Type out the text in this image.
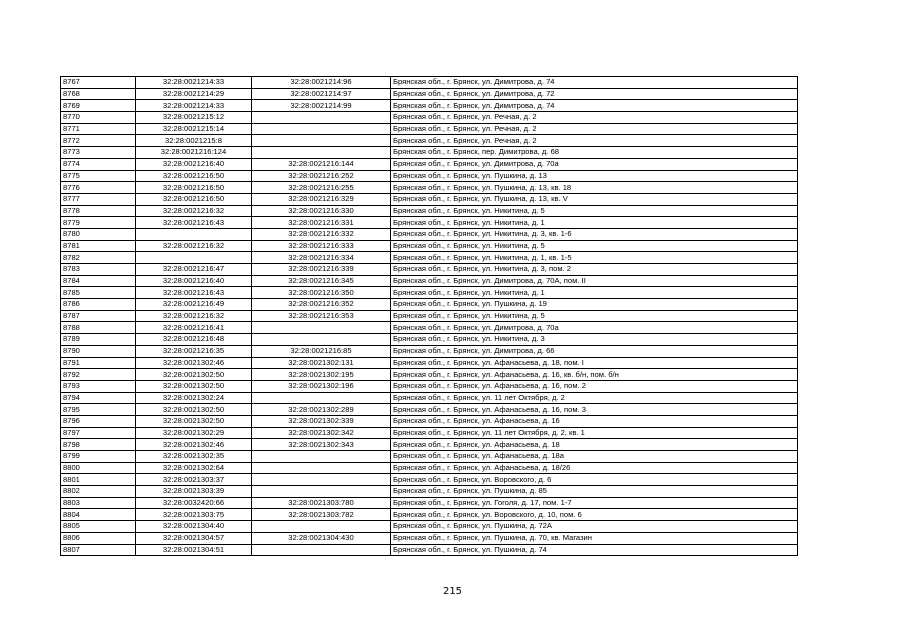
8767	32:28:0021214:33	32:28:0021214:96	Брянская обл., г. Брянск, ул. Димитрова, д. 74
8768	32:28:0021214:29	32:28:0021214:97	Брянская обл., г. Брянск, ул. Димитрова, д. 72
8769	32:28:0021214:33	32:28:0021214:99	Брянская обл., г. Брянск, ул. Димитрова, д. 74
8770	32:28:0021215:12		Брянская обл., г. Брянск, ул. Речная, д. 2
8771	32:28:0021215:14		Брянская обл., г. Брянск, ул. Речная, д. 2
8772	32:28:0021215:8		Брянская обл., г. Брянск, ул. Речная, д. 2
8773	32:28:0021216:124		Брянская обл., г. Брянск, пер. Димитрова, д. 68
8774	32:28:0021216:40	32:28:0021216:144	Брянская обл., г. Брянск, ул. Димитрова, д. 70а
8775	32:28:0021216:50	32:28:0021216:252	Брянская обл., г. Брянск, ул. Пушкина, д. 13
8776	32:28:0021216:50	32:28:0021216:255	Брянская обл., г. Брянск, ул. Пушкина, д. 13, кв. 18
8777	32:28:0021216:50	32:28:0021216:329	Брянская обл., г. Брянск, ул. Пушкина, д. 13, кв. V
8778	32:28:0021216:32	32:28:0021216:330	Брянская обл., г. Брянск, ул. Никитина, д. 5
8779	32:28:0021216:43	32:28:0021216:331	Брянская обл., г. Брянск, ул. Никитина, д. 1
8780		32:28:0021216:332	Брянская обл., г. Брянск, ул. Никитина, д. 3, кв. 1-6
8781	32:28:0021216:32	32:28:0021216:333	Брянская обл., г. Брянск, ул. Никитина, д. 5
8782		32:28:0021216:334	Брянская обл., г. Брянск, ул. Никитина, д. 1, кв. 1-5
8783	32:28:0021216:47	32:28:0021216:339	Брянская обл., г. Брянск, ул. Никитина, д. 3, пом. 2
8784	32:28:0021216:40	32:28:0021216:345	Брянская обл., г. Брянск, ул. Димитрова, д. 70А, пом. II
8785	32:28:0021216:43	32:28:0021216:350	Брянская обл., г. Брянск, ул. Никитина, д. 1
8786	32:28:0021216:49	32:28:0021216:352	Брянская обл., г. Брянск, ул. Пушкина, д. 19
8787	32:28:0021216:32	32:28:0021216:353	Брянская обл., г. Брянск, ул. Никитина, д. 5
8788	32:28:0021216:41		Брянская обл., г. Брянск, ул. Димитрова, д. 70а
8789	32:28:0021216:48		Брянская обл., г. Брянск, ул. Никитина, д. 3
8790	32:28:0021216:35	32:28:0021216:85	Брянская обл., г. Брянск, ул. Димитрова, д. 66
8791	32:28:0021302:46	32:28:0021302:131	Брянская обл., г. Брянск, ул. Афанасьева, д. 18, пом. I
8792	32:28:0021302:50	32:28:0021302:195	Брянская обл., г. Брянск, ул. Афанасьева, д. 16, кв. б/н, пом. б/н
8793	32:28:0021302:50	32:28:0021302:196	Брянская обл., г. Брянск, ул. Афанасьева, д. 16, пом. 2
8794	32:28:0021302:24		Брянская обл., г. Брянск, ул. 11 лет Октября, д. 2
8795	32:28:0021302:50	32:28:0021302:289	Брянская обл., г. Брянск, ул. Афанасьева, д. 16, пом. 3
8796	32:28:0021302:50	32:28:0021302:339	Брянская обл., г. Брянск, ул. Афанасьева, д. 16
8797	32:28:0021302:29	32:28:0021302:342	Брянская обл., г. Брянск, ул. 11 лет Октября, д. 2, кв. 1
8798	32:28:0021302:46	32:28:0021302:343	Брянская обл., г. Брянск, ул. Афанасьева, д. 18
8799	32:28:0021302:35		Брянская обл., г. Брянск, ул. Афанасьева, д. 18а
8800	32:28:0021302:64		Брянская обл., г. Брянск, ул. Афанасьева, д. 18/26
8801	32:28:0021303:37		Брянская обл., г. Брянск, ул. Воровского, д. 6
8802	32:28:0021303:39		Брянская обл., г. Брянск, ул. Пушкина, д. 85
8803	32:28:0032420:66	32:28:0021303:780	Брянская обл., г. Брянск, ул. Гоголя, д. 17, пом. 1-7
8804	32:28:0021303:75	32:28:0021303:782	Брянская обл., г. Брянск, ул. Воровского, д. 10, пом. 6
8805	32:28:0021304:40		Брянская обл., г. Брянск, ул. Пушкина, д. 72А
8806	32:28:0021304:57	32:28:0021304:430	Брянская обл., г. Брянск, ул. Пушкина, д. 70, кв. Магазин
8807	32:28:0021304:51		Брянская обл., г. Брянск, ул. Пушкина, д. 74
215
